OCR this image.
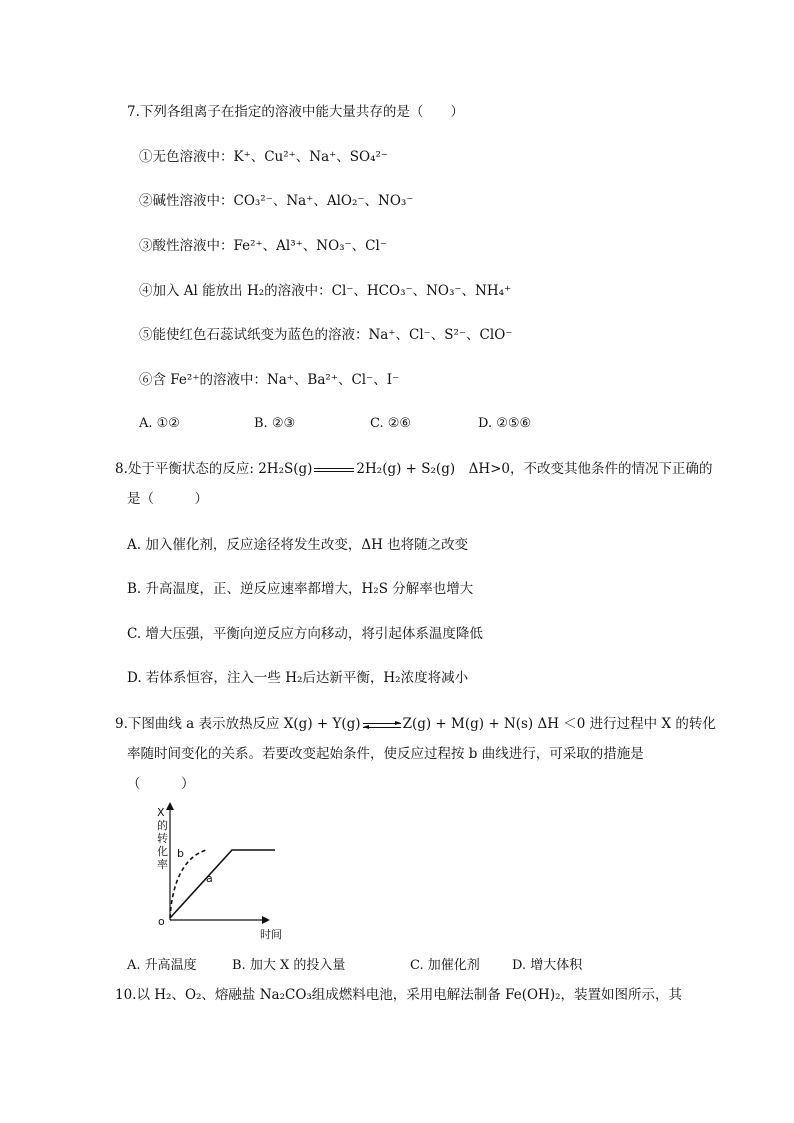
7.下列各组离子在指定的溶液中能大量共存的是（　　）
①无色溶液中：K⁺、Cu²⁺、Na⁺、SO₄²⁻
②碱性溶液中：CO₃²⁻、Na⁺、AlO₂⁻、NO₃⁻
③酸性溶液中：Fe²⁺、Al³⁺、NO₃⁻、Cl⁻
④加入 Al 能放出 H₂的溶液中：Cl⁻、HCO₃⁻、NO₃⁻、NH₄⁺
⑤能使红色石蕊试纸变为蓝色的溶液：Na⁺、Cl⁻、S²⁻、ClO⁻
⑥含 Fe²⁺的溶液中：Na⁺、Ba²⁺、Cl⁻、I⁻
A. ①②	B. ②③	C. ②⑥	D. ②⑤⑥
8.处于平衡状态的反应: 2H₂S(g)	2H₂(g) + S₂(g)　ΔH>0，不改变其他条件的情况下正确的
是（　　　）
A. 加入催化剂，反应途径将发生改变，ΔH 也将随之改变
B. 升高温度，正、逆反应速率都增大，H₂S 分解率也增大
C. 增大压强，平衡向逆反应方向移动，将引起体系温度降低
D. 若体系恒容，注入一些 H₂后达新平衡，H₂浓度将减小
9.下图曲线 a 表示放热反应 X(g) + Y(g) ⇌ Z(g) + M(g) + N(s) ΔH ＜0 进行过程中 X 的转化
率随时间变化的关系。若要改变起始条件，使反应过程按 b 曲线进行，可采取的措施是
（　　　）
X
的
转
化
率
o
时间
a
b
A. 升高温度	B. 加大 X 的投入量	C. 加催化剂 D. 增大体积
10.以 H₂、O₂、熔融盐 Na₂CO₃组成燃料电池，采用电解法制备 Fe(OH)₂，装置如图所示，其
